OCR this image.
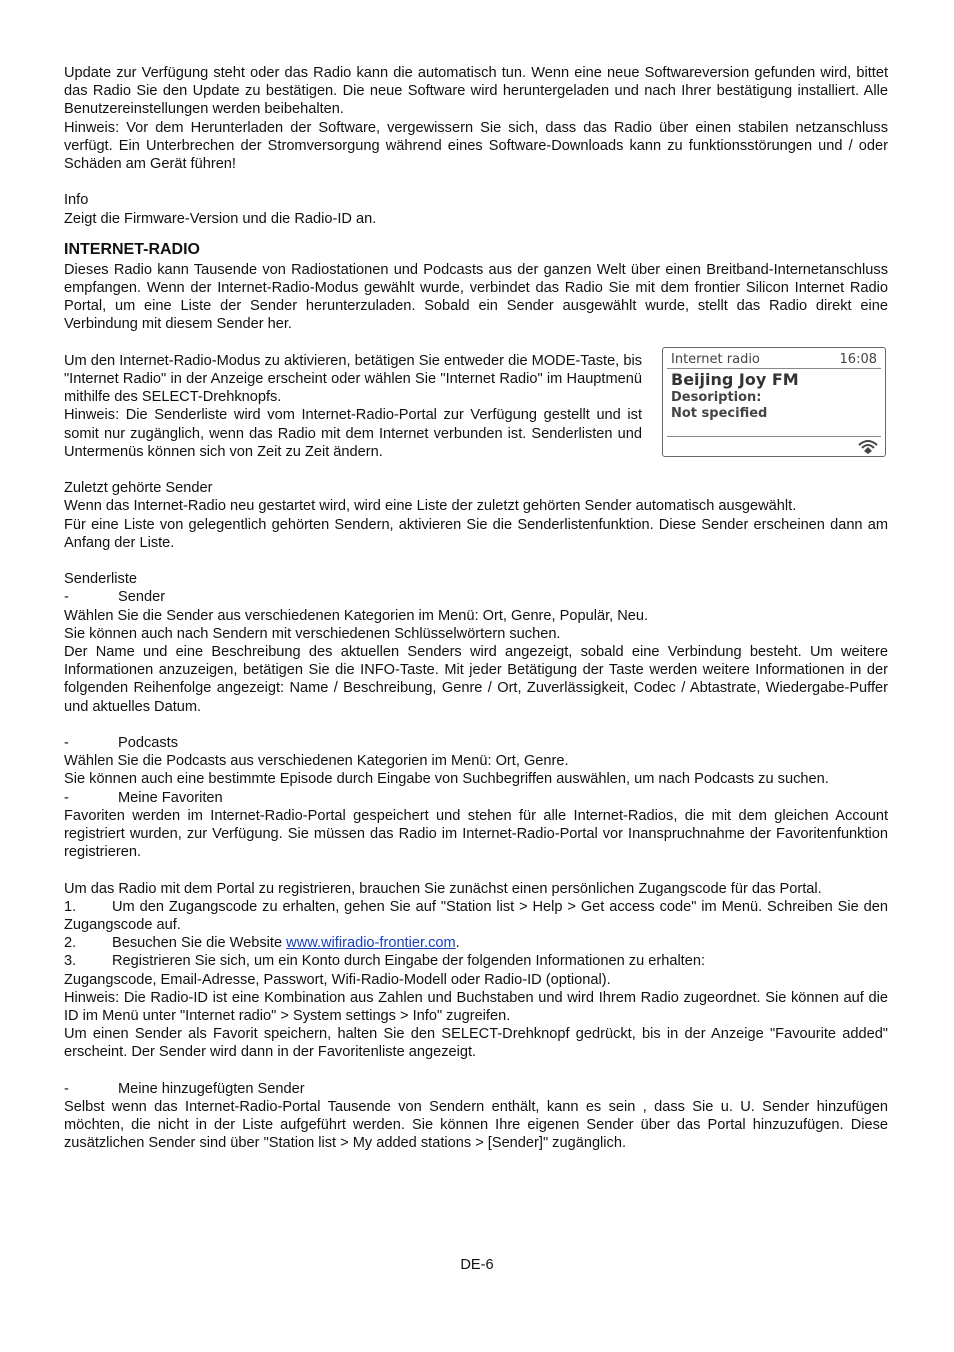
Update zur Verfügung steht oder das Radio kann die automatisch tun. Wenn eine neue Softwareversion gefunden wird, bittet das Radio Sie den Update zu bestätigen. Die neue Software wird heruntergeladen und nach Ihrer bestätigung installiert. Alle Benutzereinstellungen werden beibehalten.

Hinweis: Vor dem Herunterladen der Software, vergewissern Sie sich, dass das Radio über einen stabilen netzanschluss verfügt. Ein Unterbrechen der Stromversorgung während eines Software-Downloads kann zu funktionsstörungen und / oder Schäden am Gerät führen!

Info

Zeigt die Firmware-Version und die Radio-ID an.

INTERNET-RADIO

Dieses Radio kann Tausende von Radiostationen und Podcasts aus der ganzen Welt über einen Breitband-Internetanschluss empfangen. Wenn der Internet-Radio-Modus gewählt wurde, verbindet das Radio Sie mit dem frontier Silicon Internet Radio Portal, um eine Liste der Sender herunterzuladen. Sobald ein Sender ausgewählt wurde, stellt das Radio direkt eine Verbindung mit diesem Sender her.

Um den Internet-Radio-Modus zu aktivieren, betätigen Sie entweder die MODE-Taste, bis "Internet Radio" in der Anzeige erscheint oder wählen Sie "Internet Radio" im Hauptmenü mithilfe des SELECT-Drehknopfs.

Hinweis: Die Senderliste wird vom Internet-Radio-Portal zur Verfügung gestellt und ist somit nur zugänglich, wenn das Radio mit dem Internet verbunden ist. Senderlisten und Untermenüs können sich von Zeit zu Zeit ändern.

Internet radio	16:08
Beijing Joy FM
Desoription:
Not specified

Zuletzt gehörte Sender

Wenn das Internet-Radio neu gestartet wird, wird eine Liste der zuletzt gehörten Sender automatisch ausgewählt.

Für eine Liste von gelegentlich gehörten Sendern, aktivieren Sie die Senderlistenfunktion. Diese Sender erscheinen dann am Anfang der Liste.

Senderliste

-	Sender

Wählen Sie die Sender aus verschiedenen Kategorien im Menü: Ort, Genre, Populär, Neu.

Sie können auch nach Sendern mit verschiedenen Schlüsselwörtern suchen.

Der Name und eine Beschreibung des aktuellen Senders wird angezeigt, sobald eine Verbindung besteht. Um weitere Informationen anzuzeigen, betätigen Sie die INFO-Taste. Mit jeder Betätigung der Taste werden weitere Informationen in der folgenden Reihenfolge angezeigt: Name / Beschreibung, Genre / Ort, Zuverlässigkeit, Codec / Abtastrate, Wiedergabe-Puffer und aktuelles Datum.

-	Podcasts

Wählen Sie die Podcasts aus verschiedenen Kategorien im Menü: Ort, Genre.

Sie können auch eine bestimmte Episode durch Eingabe von Suchbegriffen auswählen, um nach Podcasts zu suchen.

-	Meine Favoriten

Favoriten werden im Internet-Radio-Portal gespeichert und stehen für alle Internet-Radios, die mit dem gleichen Account registriert wurden, zur Verfügung. Sie müssen das Radio im Internet-Radio-Portal vor Inanspruchnahme der Favoritenfunktion registrieren.

Um das Radio mit dem Portal zu registrieren, brauchen Sie zunächst einen persönlichen Zugangscode für das Portal.

1. Um den Zugangscode zu erhalten, gehen Sie auf "Station list > Help > Get access code" im Menü. Schreiben Sie den Zugangscode auf.

2. Besuchen Sie die Website www.wifiradio-frontier.com.

3. Registrieren Sie sich, um ein Konto durch Eingabe der folgenden Informationen zu erhalten:

Zugangscode, Email-Adresse, Passwort, Wifi-Radio-Modell oder Radio-ID (optional).

Hinweis: Die Radio-ID ist eine Kombination aus Zahlen und Buchstaben und wird Ihrem Radio zugeordnet. Sie können auf die ID im Menü unter "Internet radio" > System settings > Info" zugreifen.

Um einen Sender als Favorit speichern, halten Sie den SELECT-Drehknopf gedrückt, bis in der Anzeige "Favourite added" erscheint. Der Sender wird dann in der Favoritenliste angezeigt.

-	Meine hinzugefügten Sender

Selbst wenn das Internet-Radio-Portal Tausende von Sendern enthält, kann es sein , dass Sie u. U. Sender hinzufügen möchten, die nicht in der Liste aufgeführt werden. Sie können Ihre eigenen Sender über das Portal hinzuzufügen. Diese zusätzlichen Sender sind über "Station list > My added stations > [Sender]" zugänglich.

DE-6
